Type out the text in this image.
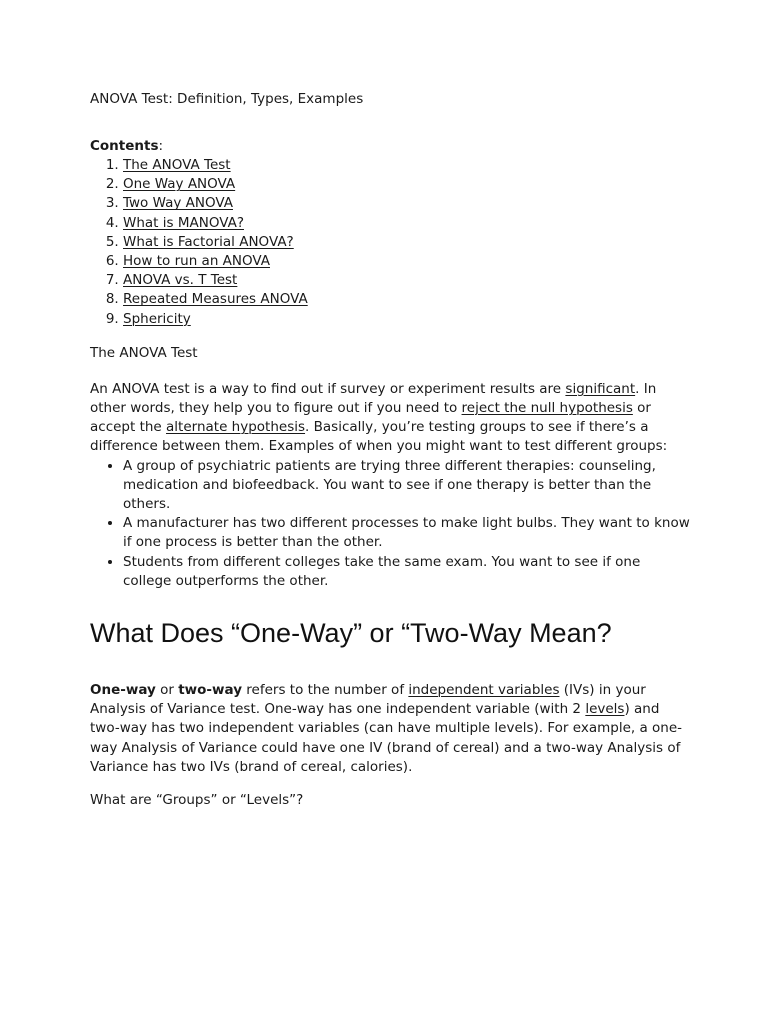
ANOVA Test: Definition, Types, Examples
Contents:
1. The ANOVA Test
2. One Way ANOVA
3. Two Way ANOVA
4. What is MANOVA?
5. What is Factorial ANOVA?
6. How to run an ANOVA
7. ANOVA vs. T Test
8. Repeated Measures ANOVA
9. Sphericity
The ANOVA Test
An ANOVA test is a way to find out if survey or experiment results are significant. In other words, they help you to figure out if you need to reject the null hypothesis or accept the alternate hypothesis. Basically, you’re testing groups to see if there’s a difference between them. Examples of when you might want to test different groups:
• A group of psychiatric patients are trying three different therapies: counseling, medication and biofeedback. You want to see if one therapy is better than the others.
• A manufacturer has two different processes to make light bulbs. They want to know if one process is better than the other.
• Students from different colleges take the same exam. You want to see if one college outperforms the other.
What Does “One-Way” or “Two-Way Mean?
One-way or two-way refers to the number of independent variables (IVs) in your Analysis of Variance test. One-way has one independent variable (with 2 levels) and two-way has two independent variables (can have multiple levels). For example, a one-way Analysis of Variance could have one IV (brand of cereal) and a two-way Analysis of Variance has two IVs (brand of cereal, calories).
What are “Groups” or “Levels”?
